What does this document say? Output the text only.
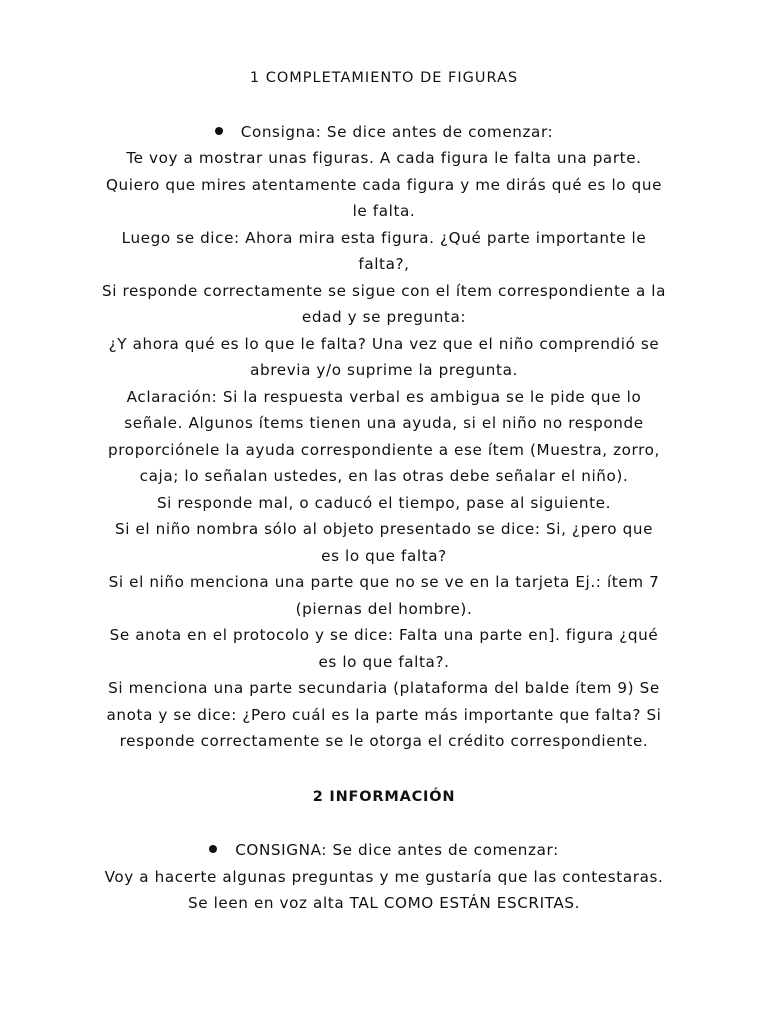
1 COMPLETAMIENTO DE FIGURAS
Consigna: Se dice antes de comenzar:
Te voy a mostrar unas figuras. A cada figura le falta una parte.
Quiero que mires atentamente cada figura y me dirás qué es lo que
le falta.
Luego se dice: Ahora mira esta figura. ¿Qué parte importante le
falta?,
Si responde correctamente se sigue con el ítem correspondiente a la
edad y se pregunta:
¿Y ahora qué es lo que le falta? Una vez que el niño comprendió se
abrevia y/o suprime la pregunta.
Aclaración: Si la respuesta verbal es ambigua se le pide que lo
señale. Algunos ítems tienen una ayuda, si el niño no responde
proporciónele la ayuda correspondiente a ese ítem (Muestra, zorro,
caja; lo señalan ustedes, en las otras debe señalar el niño).
Si responde mal, o caducó el tiempo, pase al siguiente.
Si el niño nombra sólo al objeto presentado se dice: Si, ¿pero que
es lo que falta?
Si el niño menciona una parte que no se ve en la tarjeta Ej.: ítem 7
(piernas del hombre).
Se anota en el protocolo y se dice: Falta una parte en]. figura ¿qué
es lo que falta?.
Si menciona una parte secundaria (plataforma del balde ítem 9) Se
anota y se dice: ¿Pero cuál es la parte más importante que falta? Si
responde correctamente se le otorga el crédito correspondiente.
2 INFORMACIÓN
CONSIGNA: Se dice antes de comenzar:
Voy a hacerte algunas preguntas y me gustaría que las contestaras.
Se leen en voz alta TAL COMO ESTÁN ESCRITAS.
